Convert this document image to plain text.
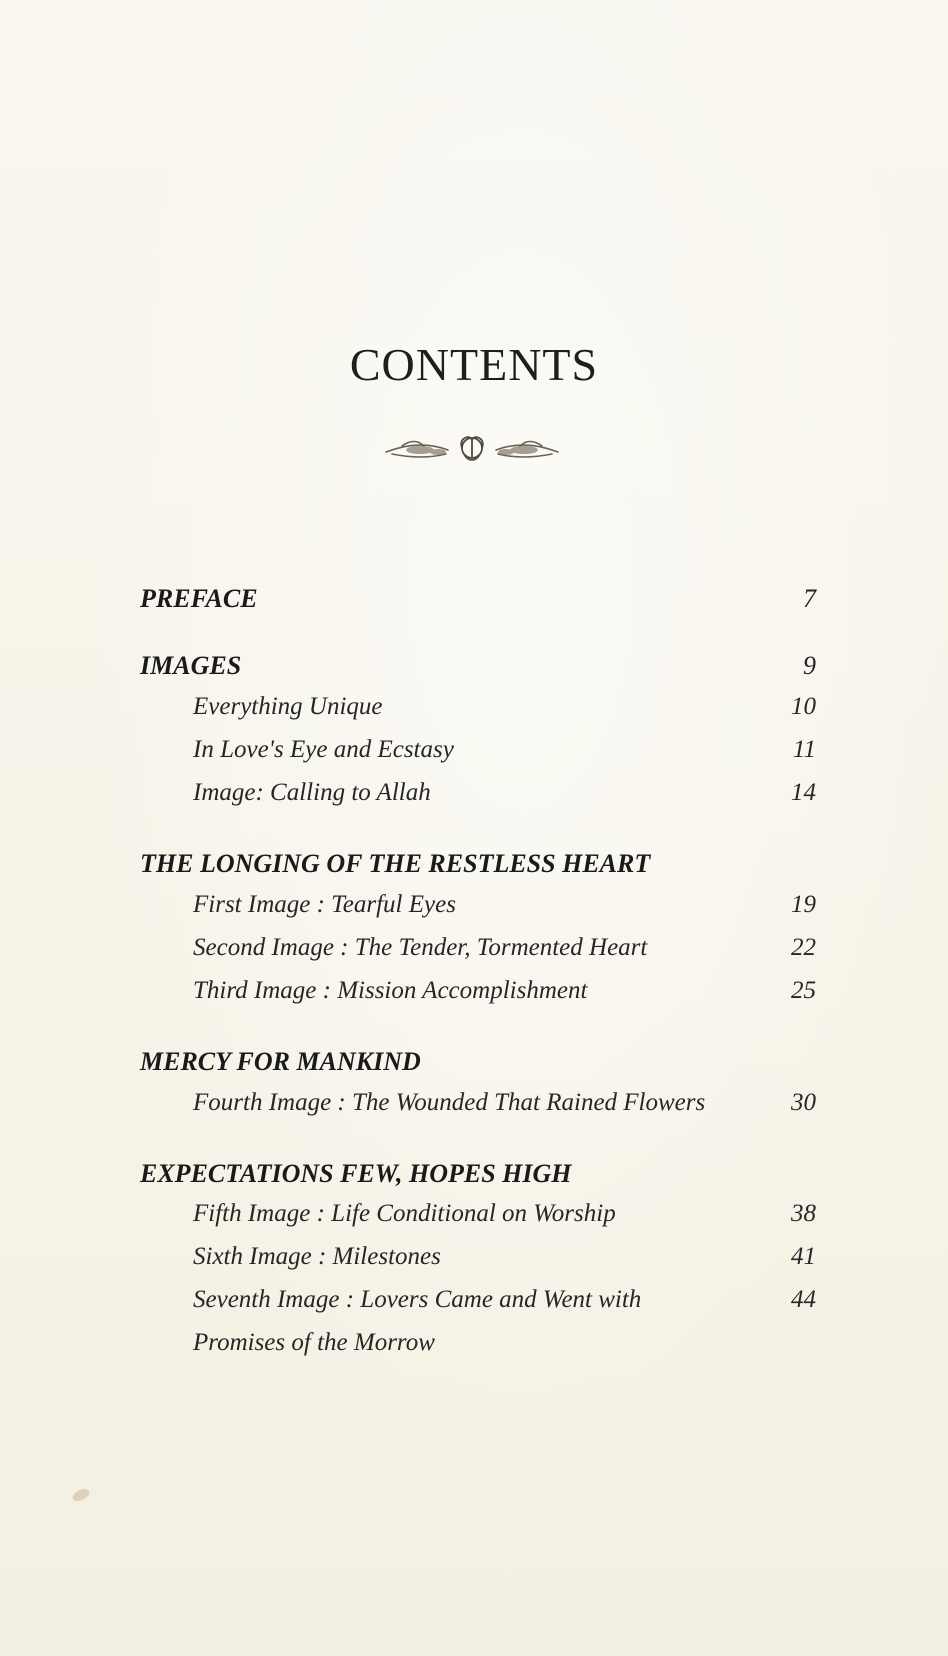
CONTENTS
PREFACE	7
IMAGES	9
Everything Unique	10
In Love's Eye and Ecstasy	11
Image: Calling to Allah	14
THE LONGING OF THE RESTLESS HEART
First Image : Tearful Eyes	19
Second Image : The Tender, Tormented Heart	22
Third Image : Mission Accomplishment	25
MERCY FOR MANKIND
Fourth Image : The Wounded That Rained Flowers	30
EXPECTATIONS FEW, HOPES HIGH
Fifth Image : Life Conditional on Worship	38
Sixth Image : Milestones	41
Seventh Image : Lovers Came and Went with	44
Promises of the Morrow
